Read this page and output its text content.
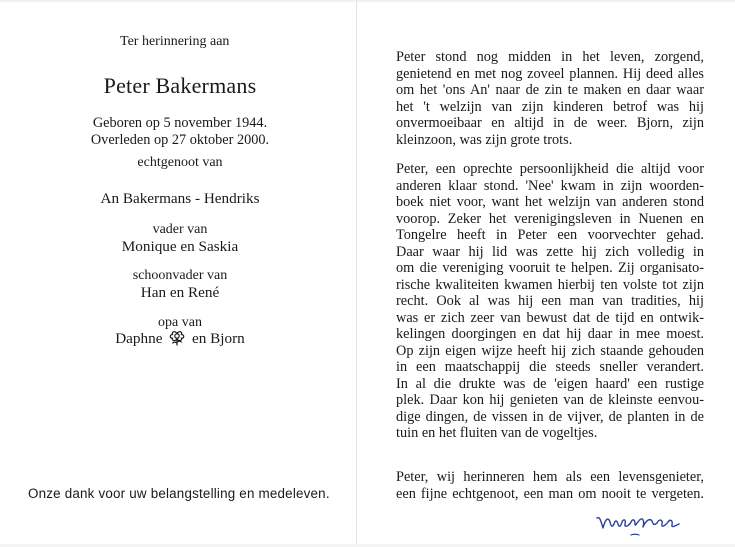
Ter herinnering aan
Peter Bakermans
Geboren op 5 november 1944.
Overleden op 27 oktober 2000.
echtgenoot van
An Bakermans - Hendriks
vader van
Monique en Saskia
schoonvader van
Han en René
opa van
Daphne en Bjorn
Onze dank voor uw belangstelling en medeleven.
Peter stond nog midden in het leven, zorgend,
genietend en met nog zoveel plannen. Hij deed alles
om het 'ons An' naar de zin te maken en daar waar
het 't welzijn van zijn kinderen betrof was hij
onvermoeibaar en altijd in de weer. Bjorn, zijn
kleinzoon, was zijn grote trots.
Peter, een oprechte persoonlijkheid die altijd voor
anderen klaar stond. 'Nee' kwam in zijn woorden-
boek niet voor, want het welzijn van anderen stond
voorop. Zeker het verenigingsleven in Nuenen en
Tongelre heeft in Peter een voorvechter gehad.
Daar waar hij lid was zette hij zich volledig in
om die vereniging vooruit te helpen. Zij organisato-
rische kwaliteiten kwamen hierbij ten volste tot zijn
recht. Ook al was hij een man van tradities, hij
was er zich zeer van bewust dat de tijd en ontwik-
kelingen doorgingen en dat hij daar in mee moest.
Op zijn eigen wijze heeft hij zich staande gehouden
in een maatschappij die steeds sneller verandert.
In al die drukte was de 'eigen haard' een rustige
plek. Daar kon hij genieten van de kleinste eenvou-
dige dingen, de vissen in de vijver, de planten in de
tuin en het fluiten van de vogeltjes.
Peter, wij herinneren hem als een levensgenieter,
een fijne echtgenoot, een man om nooit te vergeten.
